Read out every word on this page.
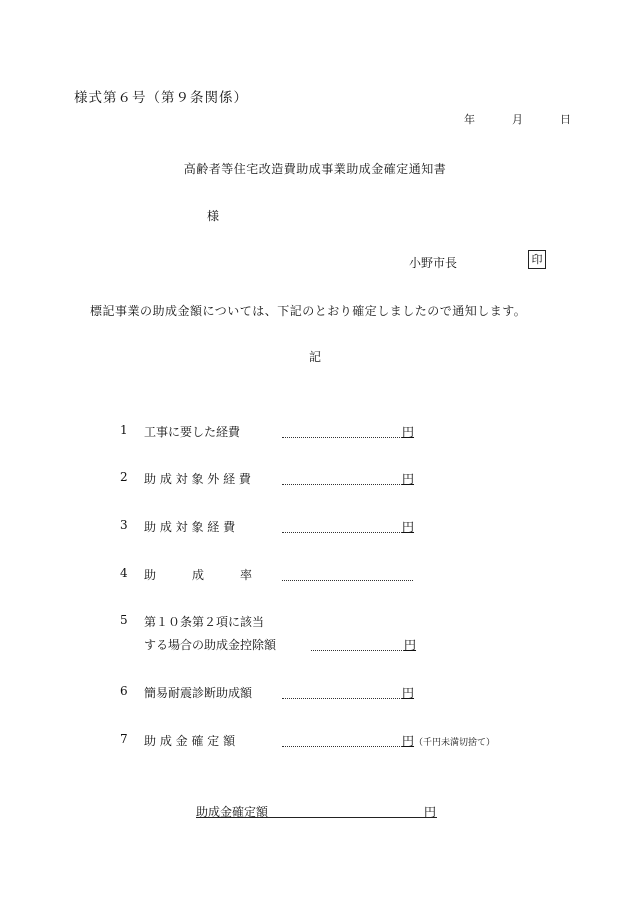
様式第６号（第９条関係）
年	月	日
高齢者等住宅改造費助成事業助成金確定通知書
様
小野市長	印
標記事業の助成金額については、下記のとおり確定しましたので通知します。
記
1 工事に要した経費	円
2 助 成 対 象 外 経 費	円
3 助 成 対 象 経 費	円
4 助　　　成　　　率
5 第１０条第２項に該当
する場合の助成金控除額	円
6 簡易耐震診断助成額	円
7 助 成 金 確 定 額	円 （千円未満切捨て）
助成金確定額	円
